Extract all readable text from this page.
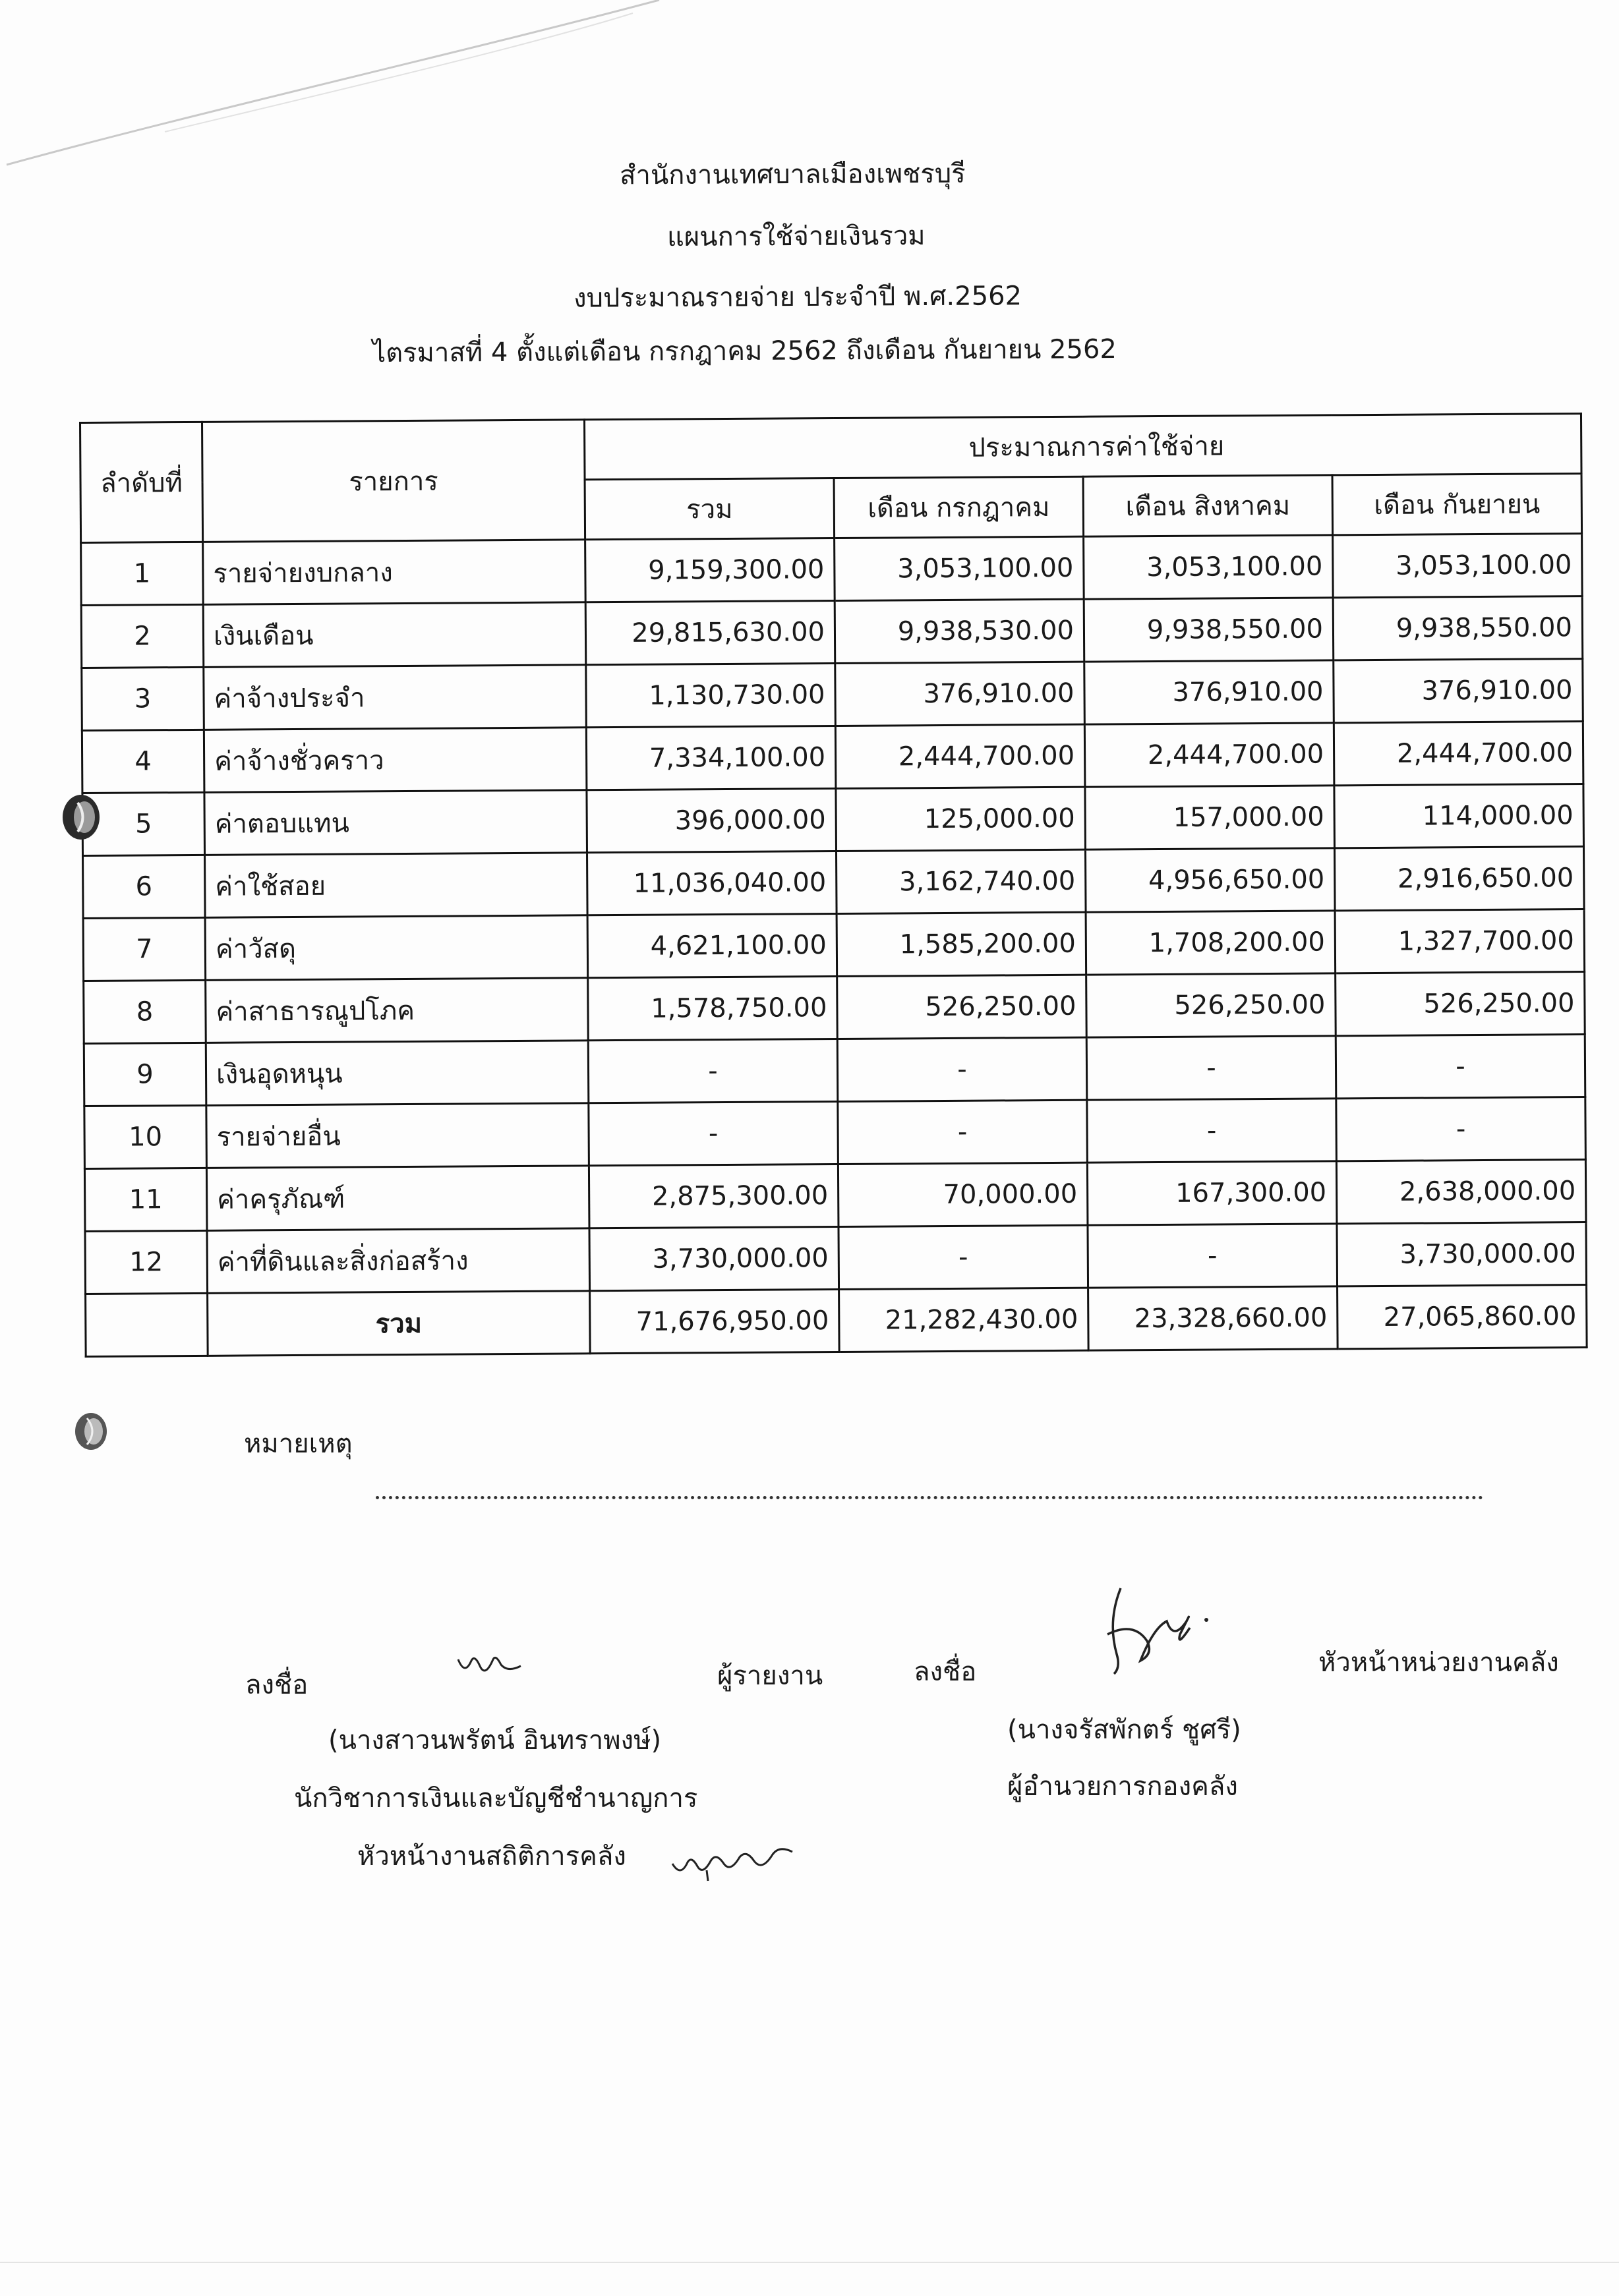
สำนักงานเทศบาลเมืองเพชรบุรี
แผนการใช้จ่ายเงินรวม
งบประมาณรายจ่าย ประจำปี พ.ศ.2562
ไตรมาสที่ 4 ตั้งแต่เดือน กรกฎาคม 2562 ถึงเดือน กันยายน 2562
ลำดับที่	รายการ	ประมาณการค่าใช้จ่าย			
		รวม	เดือน กรกฎาคม	เดือน สิงหาคม	เดือน กันยายน
1	รายจ่ายงบกลาง	9,159,300.00	3,053,100.00	3,053,100.00	3,053,100.00
2	เงินเดือน	29,815,630.00	9,938,530.00	9,938,550.00	9,938,550.00
3	ค่าจ้างประจำ	1,130,730.00	376,910.00	376,910.00	376,910.00
4	ค่าจ้างชั่วคราว	7,334,100.00	2,444,700.00	2,444,700.00	2,444,700.00
5	ค่าตอบแทน	396,000.00	125,000.00	157,000.00	114,000.00
6	ค่าใช้สอย	11,036,040.00	3,162,740.00	4,956,650.00	2,916,650.00
7	ค่าวัสดุ	4,621,100.00	1,585,200.00	1,708,200.00	1,327,700.00
8	ค่าสาธารณูปโภค	1,578,750.00	526,250.00	526,250.00	526,250.00
9	เงินอุดหนุน	-	-	-	-
10	รายจ่ายอื่น	-	-	-	-
11	ค่าครุภัณฑ์	2,875,300.00	70,000.00	167,300.00	2,638,000.00
12	ค่าที่ดินและสิ่งก่อสร้าง	3,730,000.00	-	-	3,730,000.00
	รวม	71,676,950.00	21,282,430.00	23,328,660.00	27,065,860.00
หมายเหตุ
ลงชื่อ	ผู้รายงาน
(นางสาวนพรัตน์ อินทราพงษ์)
นักวิชาการเงินและบัญชีชำนาญการ
หัวหน้างานสถิติการคลัง
ลงชื่อ	หัวหน้าหน่วยงานคลัง
(นางจรัสพักตร์ ชูศรี)
ผู้อำนวยการกองคลัง
